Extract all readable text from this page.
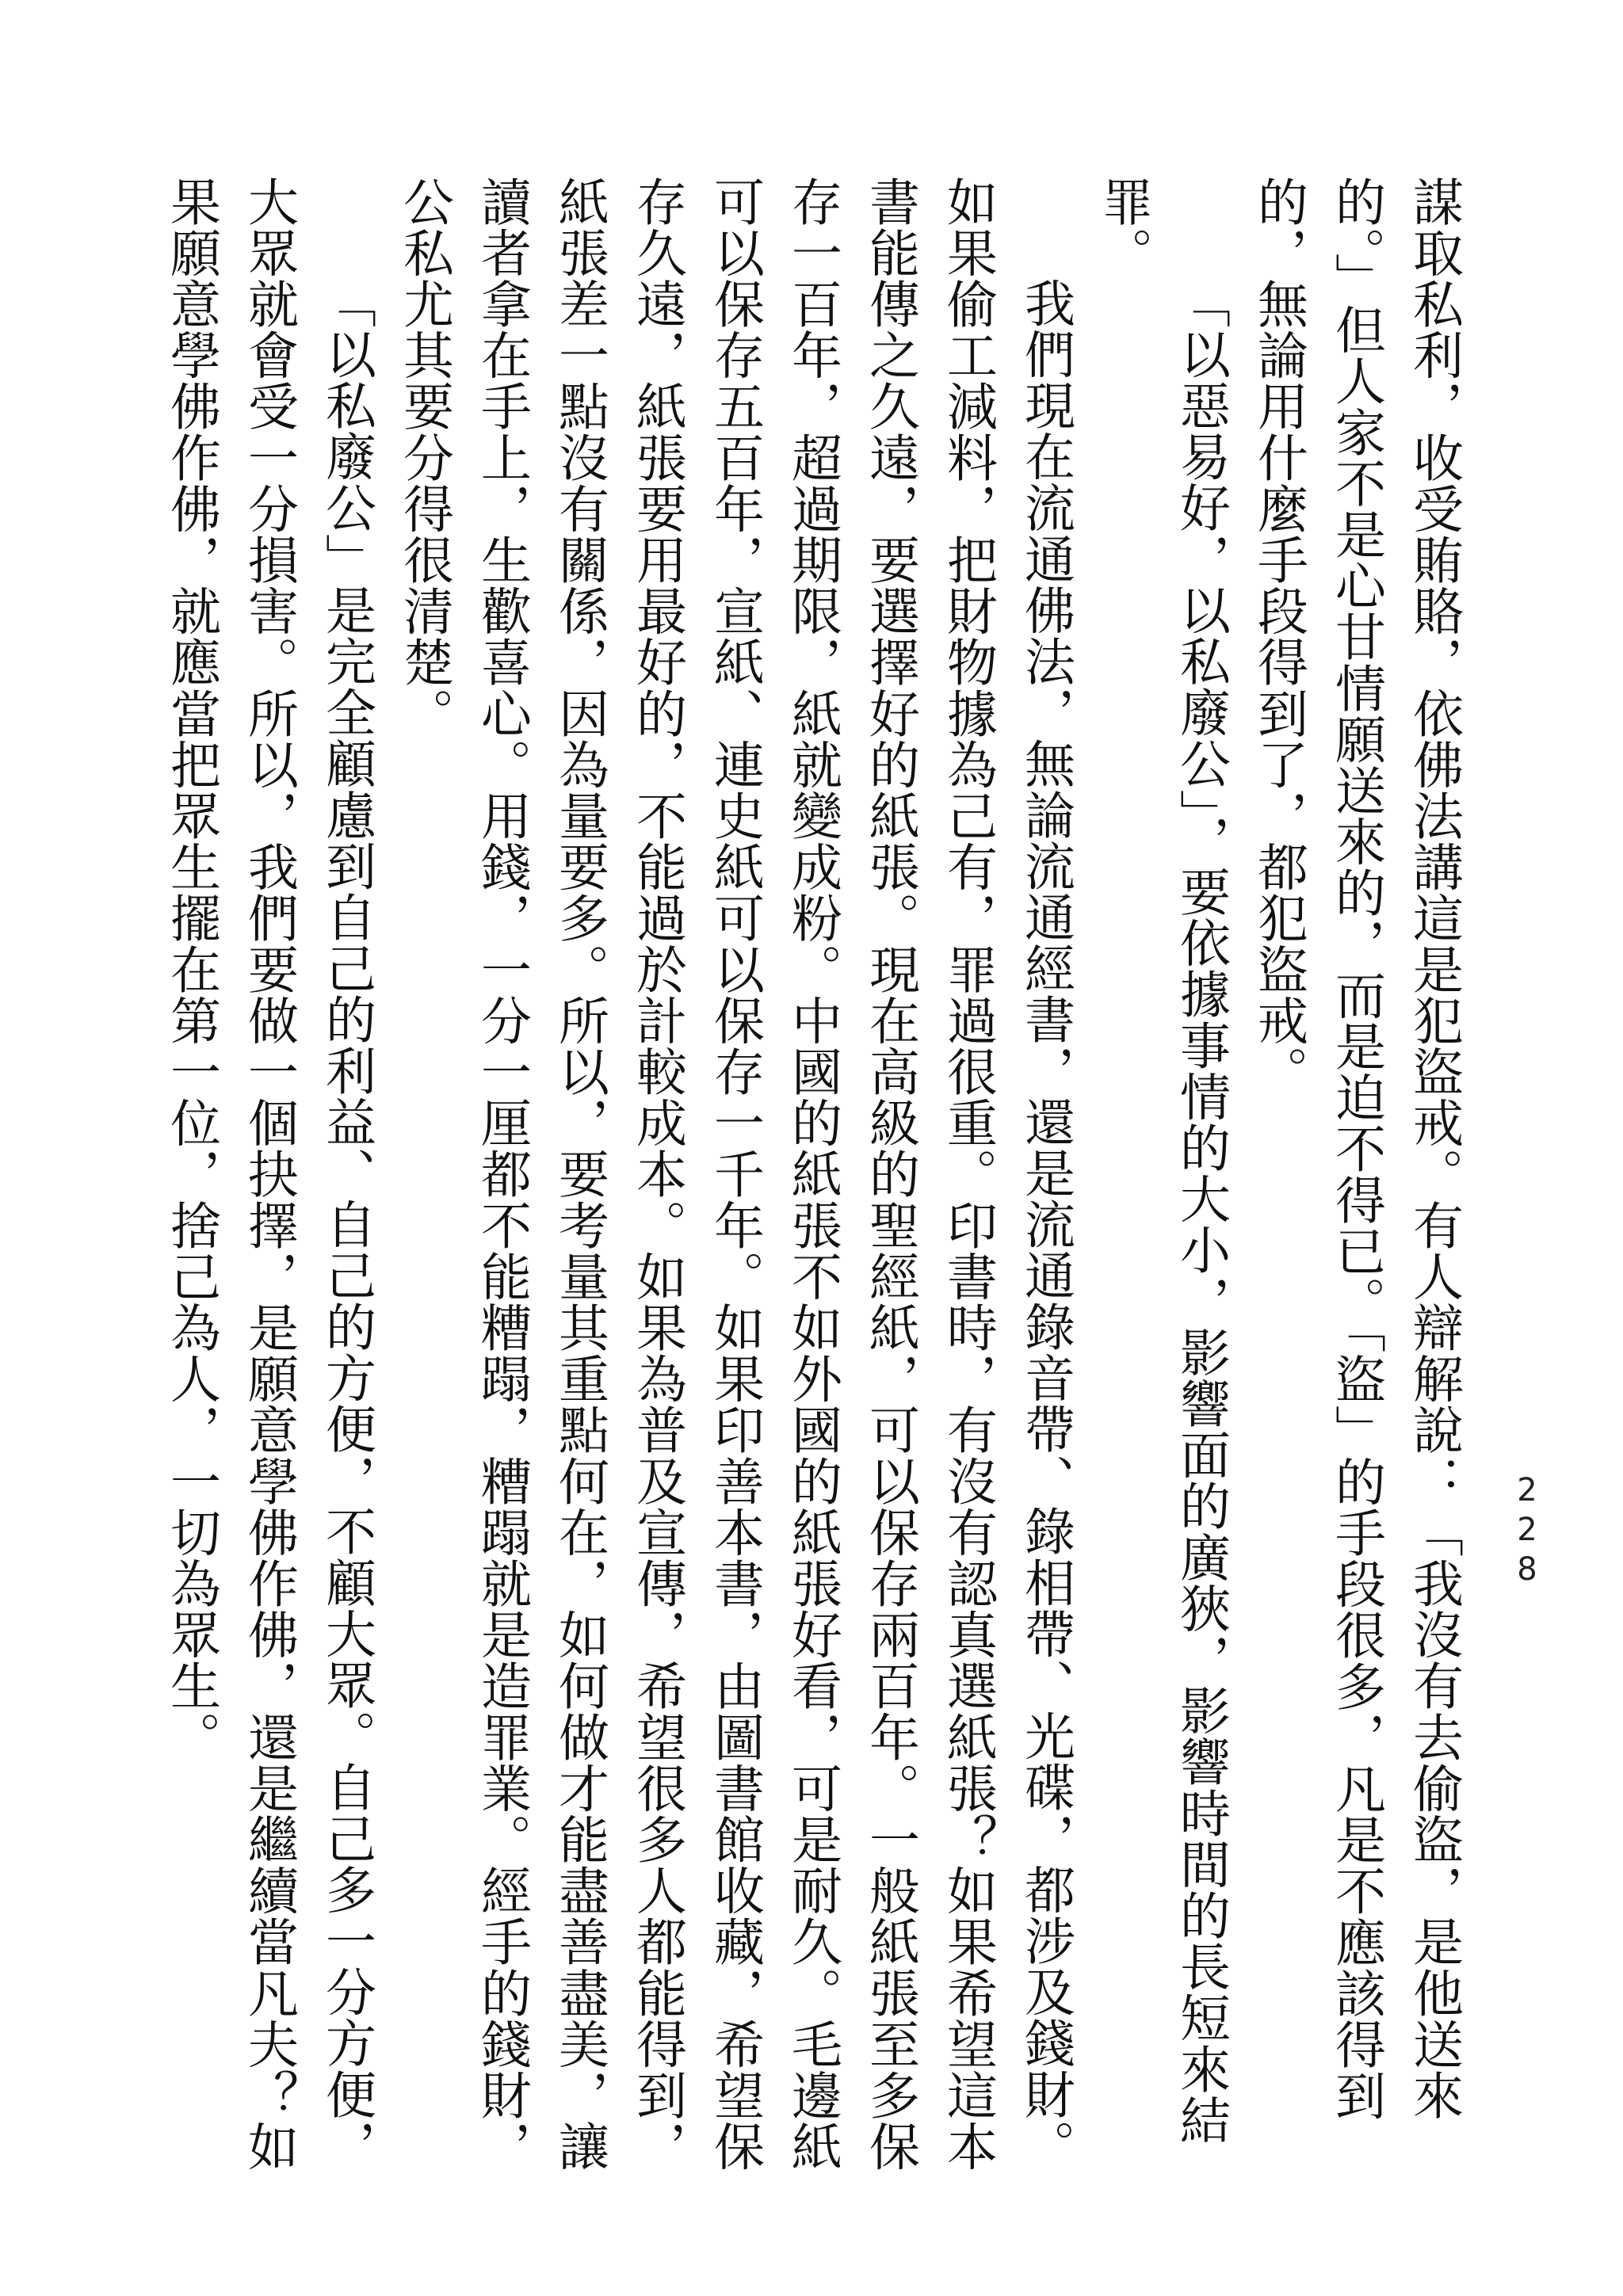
228

謀取私利，收受賄賂，依佛法講這是犯盜戒。有人辯解說：「我沒有去偷盜，是他送來的。」但人家不是心甘情願送來的，而是迫不得已。「盜」的手段很多，凡是不應該得到的，無論用什麼手段得到了，都犯盜戒。

「以惡易好，以私廢公」，要依據事情的大小，影響面的廣狹，影響時間的長短來結罪。

我們現在流通佛法，無論流通經書，還是流通錄音帶、錄相帶、光碟，都涉及錢財。如果偷工減料，把財物據為己有，罪過很重。印書時，有沒有認真選紙張？如果希望這本書能傳之久遠，要選擇好的紙張。現在高級的聖經紙，可以保存兩百年。一般紙張至多保存一百年，超過期限，紙就變成粉。中國的紙張不如外國的紙張好看，可是耐久。毛邊紙可以保存五百年，宣紙、連史紙可以保存一千年。如果印善本書，由圖書館收藏，希望保存久遠，紙張要用最好的，不能過於計較成本。如果為普及宣傳，希望很多人都能得到，紙張差一點沒有關係，因為量要多。所以，要考量其重點何在，如何做才能盡善盡美，讓讀者拿在手上，生歡喜心。用錢，一分一厘都不能糟蹋，糟蹋就是造罪業。經手的錢財，公私尤其要分得很清楚。

「以私廢公」是完全顧慮到自己的利益、自己的方便，不顧大眾。自己多一分方便，大眾就會受一分損害。所以，我們要做一個抉擇，是願意學佛作佛，還是繼續當凡夫？如果願意學佛作佛，就應當把眾生擺在第一位，捨己為人，一切為眾生。
